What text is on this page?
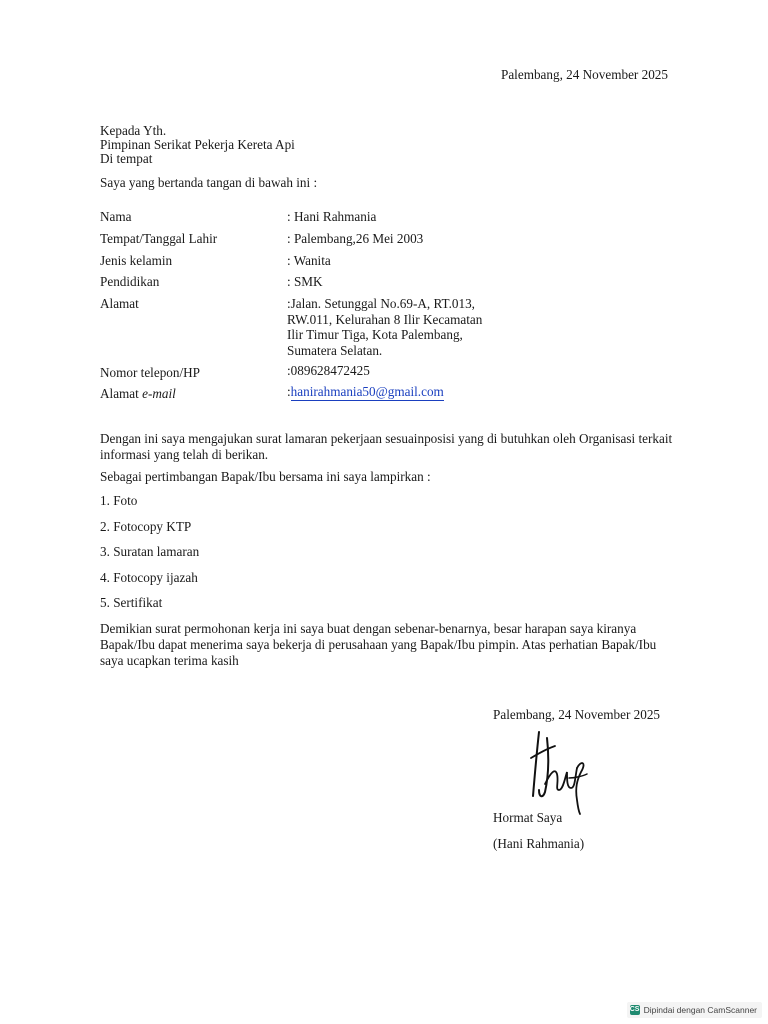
Palembang, 24 November 2025
Kepada Yth.
Pimpinan Serikat Pekerja Kereta Api
Di tempat
Saya yang bertanda tangan di bawah ini :
Nama	: Hani Rahmania
Tempat/Tanggal Lahir	: Palembang,26 Mei 2003
Jenis kelamin	: Wanita
Pendidikan	: SMK
Alamat	:Jalan. Setunggal No.69-A, RT.013,
RW.011, Kelurahan 8 Ilir Kecamatan
Ilir Timur Tiga, Kota Palembang,
Sumatera Selatan.
Nomor telepon/HP	:089628472425
Alamat e-mail	:hanirahmania50@gmail.com
Dengan ini saya mengajukan surat lamaran pekerjaan sesuainposisi yang di butuhkan oleh Organisasi terkait informasi yang telah di berikan.
Sebagai pertimbangan Bapak/Ibu bersama ini saya lampirkan :
1. Foto
2. Fotocopy KTP
3. Suratan lamaran
4. Fotocopy ijazah
5. Sertifikat
Demikian surat permohonan kerja ini saya buat dengan sebenar-benarnya, besar harapan saya kiranya Bapak/Ibu dapat menerima saya bekerja di perusahaan yang Bapak/Ibu pimpin. Atas perhatian Bapak/Ibu saya ucapkan terima kasih
Palembang, 24 November 2025
Hormat Saya
(Hani Rahmania)
CS Dipindai dengan CamScanner
